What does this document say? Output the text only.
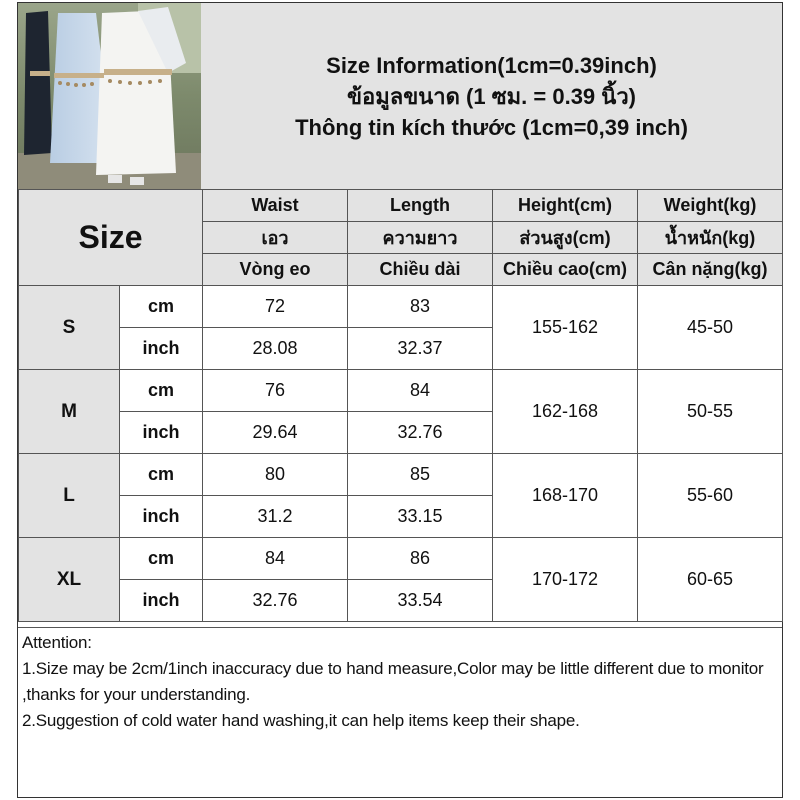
Size Information(1cm=0.39inch)
ข้อมูลขนาด (1 ซม. = 0.39 นิ้ว)
Thông tin kích thước (1cm=0,39 inch)
Size		Waist	Length	Height(cm)	Weight(kg)
		เอว	ความยาว	ส่วนสูง(cm)	น้ำหนัก(kg)
		Vòng eo	Chiều dài	Chiều cao(cm)	Cân nặng(kg)
S	cm	72	83	155-162	45-50
	inch	28.08	32.37		
M	cm	76	84	162-168	50-55
	inch	29.64	32.76		
L	cm	80	85	168-170	55-60
	inch	31.2	33.15		
XL	cm	84	86	170-172	60-65
	inch	32.76	33.54		
Attention:
1.Size may be 2cm/1inch inaccuracy due to hand measure,Color may be little different due to monitor ,thanks for your understanding.
2.Suggestion of cold water hand washing,it can help items keep their shape.
